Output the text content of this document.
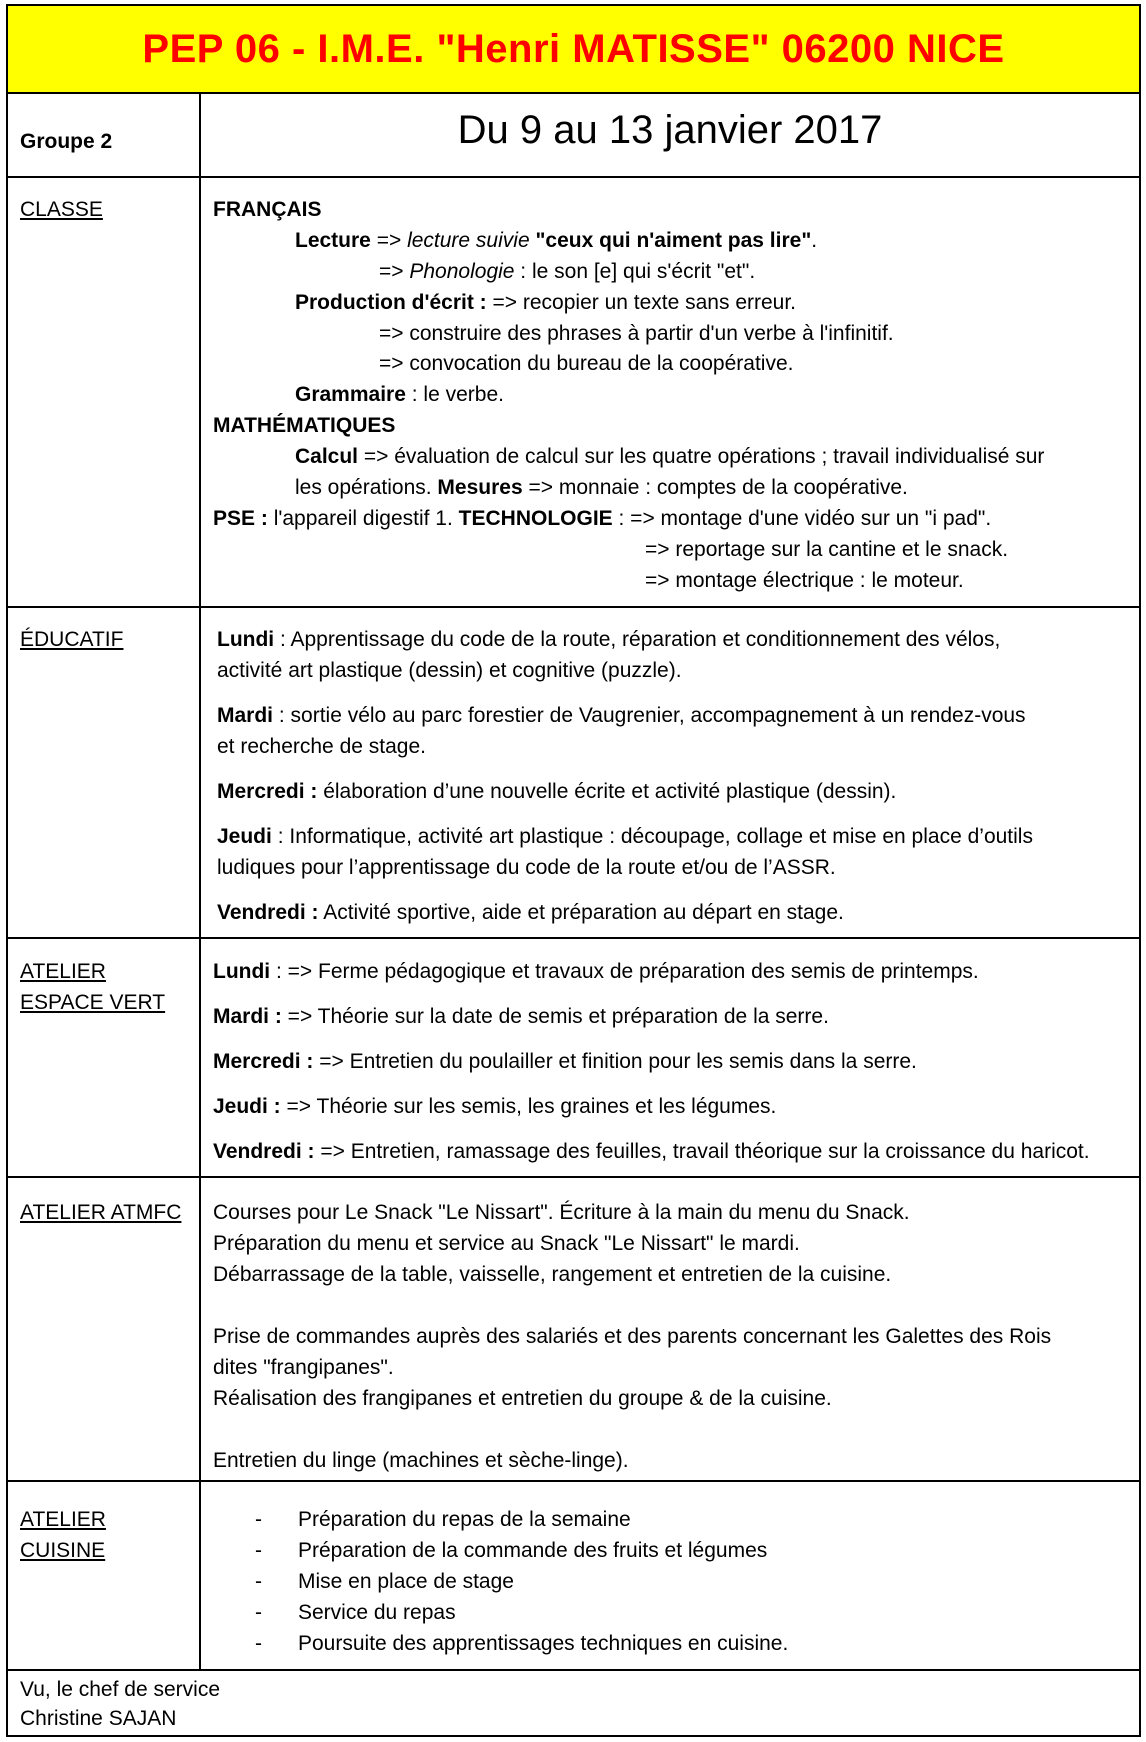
PEP 06 - I.M.E. "Henri MATISSE" 06200 NICE
Groupe 2	Du 9 au 13 janvier 2017
CLASSE	FRANÇAIS
Lecture => lecture suivie "ceux qui n'aiment pas lire".
=> Phonologie : le son [e] qui s'écrit "et".
Production d'écrit : => recopier un texte sans erreur.
=> construire des phrases à partir d'un verbe à l'infinitif.
=> convocation du bureau de la coopérative.
Grammaire : le verbe.
MATHÉMATIQUES
Calcul => évaluation de calcul sur les quatre opérations ; travail individualisé sur
les opérations. Mesures => monnaie : comptes de la coopérative.
PSE : l'appareil digestif 1. TECHNOLOGIE : => montage d'une vidéo sur un "i pad".
=> reportage sur la cantine et le snack.
=> montage électrique : le moteur.
ÉDUCATIF	Lundi : Apprentissage du code de la route, réparation et conditionnement des vélos,
activité art plastique (dessin) et cognitive (puzzle).
Mardi : sortie vélo au parc forestier de Vaugrenier, accompagnement à un rendez-vous
et recherche de stage.
Mercredi : élaboration d’une nouvelle écrite et activité plastique (dessin).
Jeudi : Informatique, activité art plastique : découpage, collage et mise en place d’outils
ludiques pour l’apprentissage du code de la route et/ou de l’ASSR.
Vendredi : Activité sportive, aide et préparation au départ en stage.
ATELIER
ESPACE VERT
Lundi : => Ferme pédagogique et travaux de préparation des semis de printemps.
Mardi : => Théorie sur la date de semis et préparation de la serre.
Mercredi : => Entretien du poulailler et finition pour les semis dans la serre.
Jeudi : => Théorie sur les semis, les graines et les légumes.
Vendredi : => Entretien, ramassage des feuilles, travail théorique sur la croissance du haricot.
ATELIER ATMFC Courses pour Le Snack "Le Nissart". Écriture à la main du menu du Snack.
Préparation du menu et service au Snack "Le Nissart" le mardi.
Débarrassage de la table, vaisselle, rangement et entretien de la cuisine.
Prise de commandes auprès des salariés et des parents concernant les Galettes des Rois
dites "frangipanes".
Réalisation des frangipanes et entretien du groupe & de la cuisine.
Entretien du linge (machines et sèche-linge).
ATELIER
CUISINE
- Préparation du repas de la semaine
- Préparation de la commande des fruits et légumes
- Mise en place de stage
- Service du repas
- Poursuite des apprentissages techniques en cuisine.
Vu, le chef de service
Christine SAJAN
